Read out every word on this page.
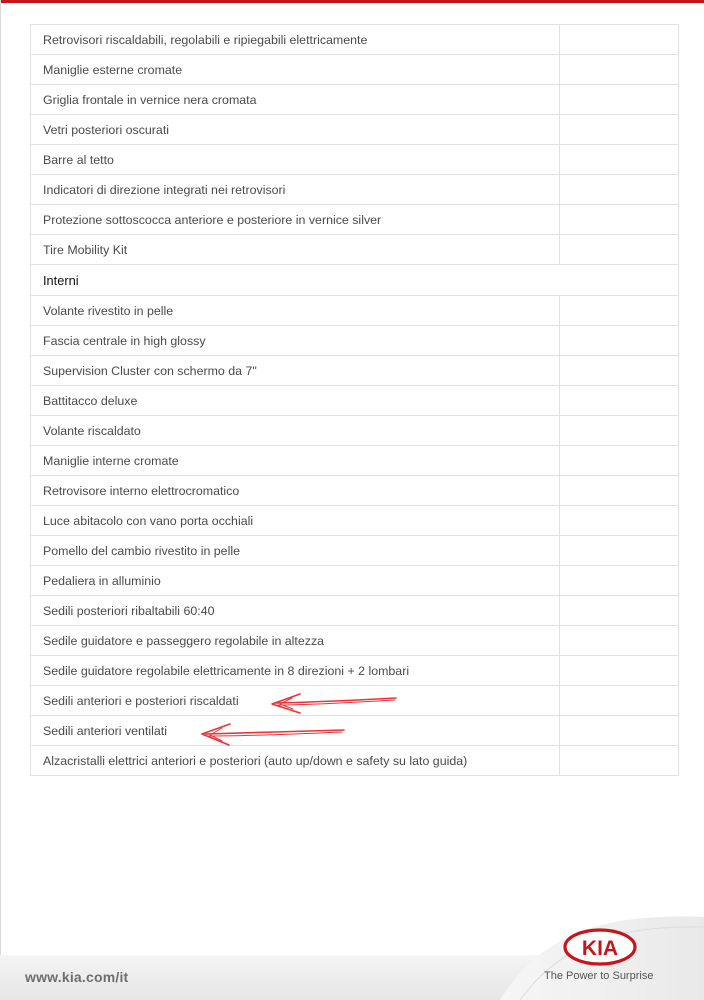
Retrovisori riscaldabili, regolabili e ripiegabili elettricamente	
Maniglie esterne cromate	
Griglia frontale in vernice nera cromata	
Vetri posteriori oscurati	
Barre al tetto	
Indicatori di direzione integrati nei retrovisori	
Protezione sottoscocca anteriore e posteriore in vernice silver	
Tire Mobility Kit	
Interni	
Volante rivestito in pelle	
Fascia centrale in high glossy	
Supervision Cluster con schermo da 7"	
Battitacco deluxe	
Volante riscaldato	
Maniglie interne cromate	
Retrovisore interno elettrocromatico	
Luce abitacolo con vano porta occhiali	
Pomello del cambio rivestito in pelle	
Pedaliera in alluminio	
Sedili posteriori ribaltabili 60:40	
Sedile guidatore e passeggero regolabile in altezza	
Sedile guidatore regolabile elettricamente in 8 direzioni + 2 lombari	
Sedili anteriori e posteriori riscaldati	
Sedili anteriori ventilati	
Alzacristalli elettrici anteriori e posteriori (auto up/down e safety su lato guida)	
www.kia.com/it
KIA
The Power to Surprise
